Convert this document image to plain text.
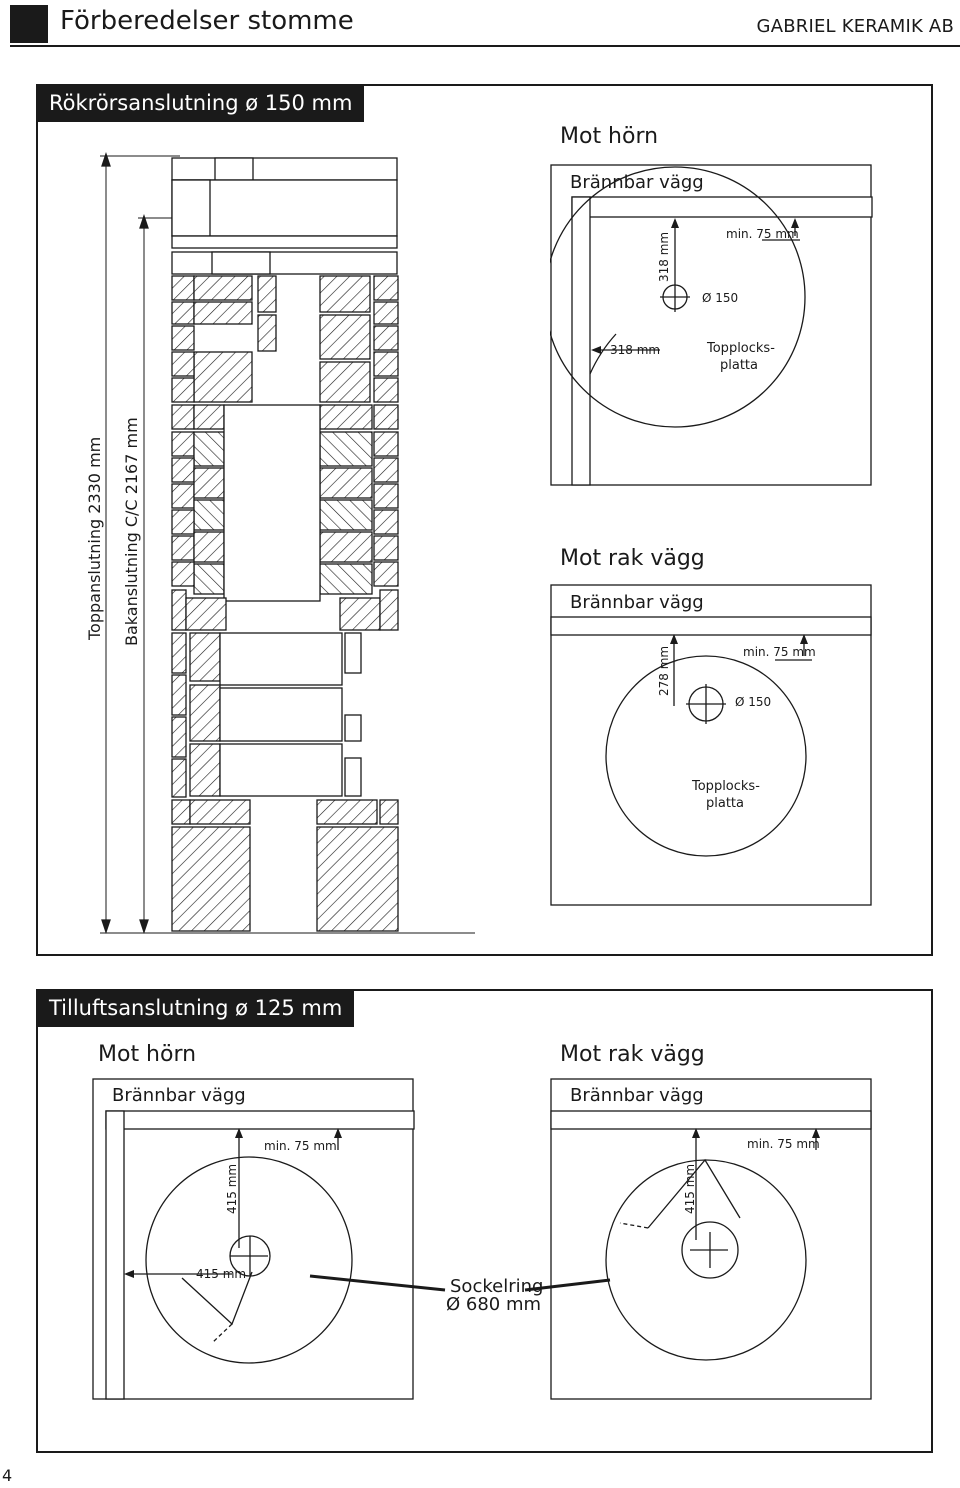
Förberedelser stomme	GABRIEL KERAMIK AB
Rökrörsanslutning ø 150 mm
Toppanslutning 2330 mm Bakanslutning C/C 2167 mm
Mot hörn
Brännbar vägg
318 mm
318 mm
min. 75 mm
Ø 150
Topplocks-
platta
Mot rak vägg
Brännbar vägg
278 mm	min. 75 mm
Ø 150
Topplocks-
platta
Tilluftsanslutning ø 125 mm
Mot hörn
Brännbar vägg
415 mm
415 mm
min. 75 mm
Mot rak vägg
Brännbar vägg
415 mm
min. 75 mm
Sockelring
Ø 680 mm
4
